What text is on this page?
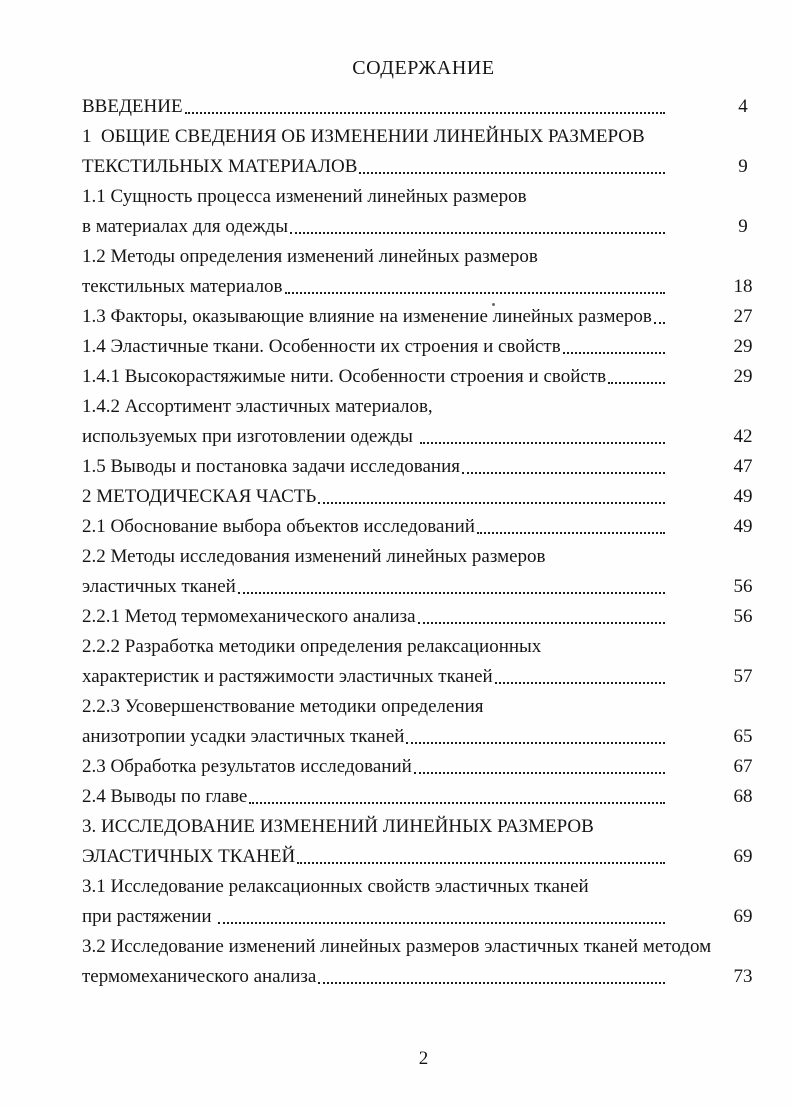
СОДЕРЖАНИЕ
ВВЕДЕНИЕ	4
1  ОБЩИЕ СВЕДЕНИЯ ОБ ИЗМЕНЕНИИ ЛИНЕЙНЫХ РАЗМЕРОВ
ТЕКСТИЛЬНЫХ МАТЕРИАЛОВ	9
1.1 Сущность процесса изменений линейных размеров
в материалах для одежды	9
1.2 Методы определения изменений линейных размеров
текстильных материалов	18
1.3 Факторы, оказывающие влияние на изменение линейных размеров	27
1.4 Эластичные ткани. Особенности их строения и свойств	29
1.4.1 Высокорастяжимые нити. Особенности строения и свойств	29
1.4.2 Ассортимент эластичных материалов,
используемых при изготовлении одежды	42
1.5 Выводы и постановка задачи исследования	47
2 МЕТОДИЧЕСКАЯ ЧАСТЬ	49
2.1 Обоснование выбора объектов исследований	49
2.2 Методы исследования изменений линейных размеров
эластичных тканей	56
2.2.1 Метод термомеханического анализа	56
2.2.2 Разработка методики определения релаксационных
характеристик и растяжимости эластичных тканей	57
2.2.3 Усовершенствование методики определения
анизотропии усадки эластичных тканей	65
2.3 Обработка результатов исследований	67
2.4 Выводы по главе	68
3. ИССЛЕДОВАНИЕ ИЗМЕНЕНИЙ ЛИНЕЙНЫХ РАЗМЕРОВ
ЭЛАСТИЧНЫХ ТКАНЕЙ	69
3.1 Исследование релаксационных свойств эластичных тканей
при растяжении	69
3.2 Исследование изменений линейных размеров эластичных тканей методом
термомеханического анализа	73
2
